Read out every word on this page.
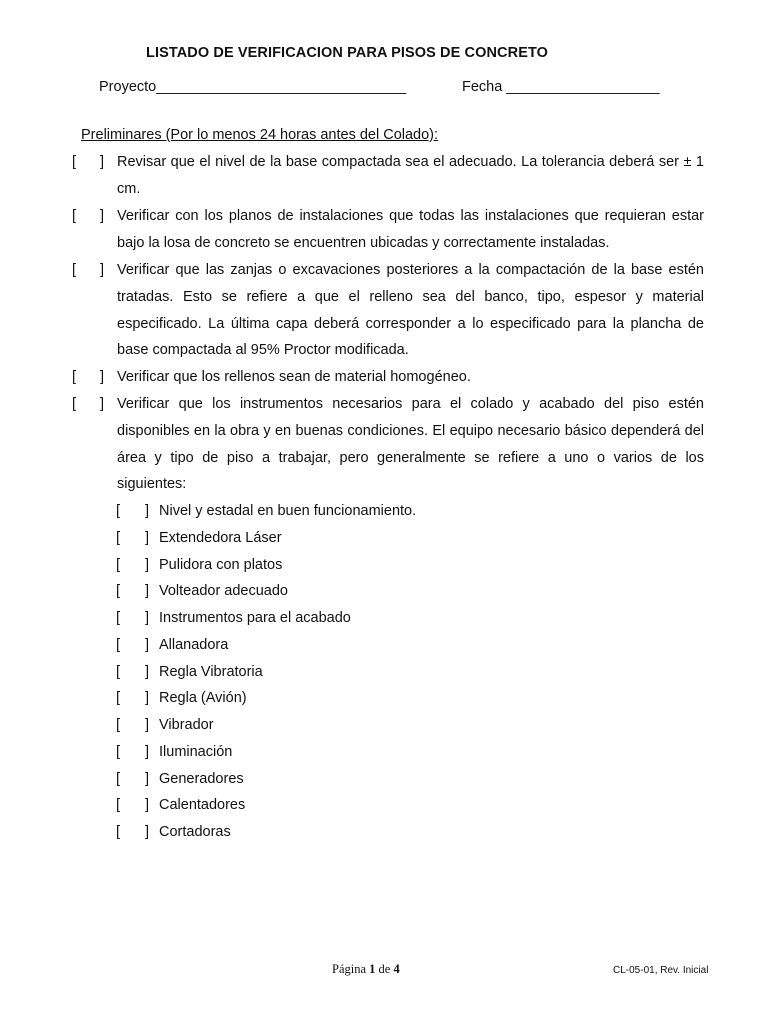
LISTADO DE VERIFICACION PARA PISOS DE CONCRETO
Proyecto_______________________________	Fecha ___________________
Preliminares (Por lo menos 24 horas antes del Colado):
[ ] Revisar que el nivel de la base compactada sea el adecuado. La tolerancia deberá ser ± 1 cm.
[ ] Verificar con los planos de instalaciones que todas las instalaciones que requieran estar bajo la losa de concreto se encuentren ubicadas y correctamente instaladas.
[ ] Verificar que las zanjas o excavaciones posteriores a la compactación de la base estén tratadas. Esto se refiere a que el relleno sea del banco, tipo, espesor y material especificado. La última capa deberá corresponder a lo especificado para la plancha de base compactada al 95% Proctor modificada.
[ ] Verificar que los rellenos sean de material homogéneo.
[ ] Verificar que los instrumentos necesarios para el colado y acabado del piso estén disponibles en la obra y en buenas condiciones. El equipo necesario básico dependerá del área y tipo de piso a trabajar, pero generalmente se refiere a uno o varios de los siguientes:
[ ] Nivel y estadal en buen funcionamiento.
[ ] Extendedora Láser
[ ] Pulidora con platos
[ ] Volteador adecuado
[ ] Instrumentos para el acabado
[ ] Allanadora
[ ] Regla Vibratoria
[ ] Regla (Avión)
[ ] Vibrador
[ ] Iluminación
[ ] Generadores
[ ] Calentadores
[ ] Cortadoras
Página 1 de 4	CL-05-01, Rev. Inicial
